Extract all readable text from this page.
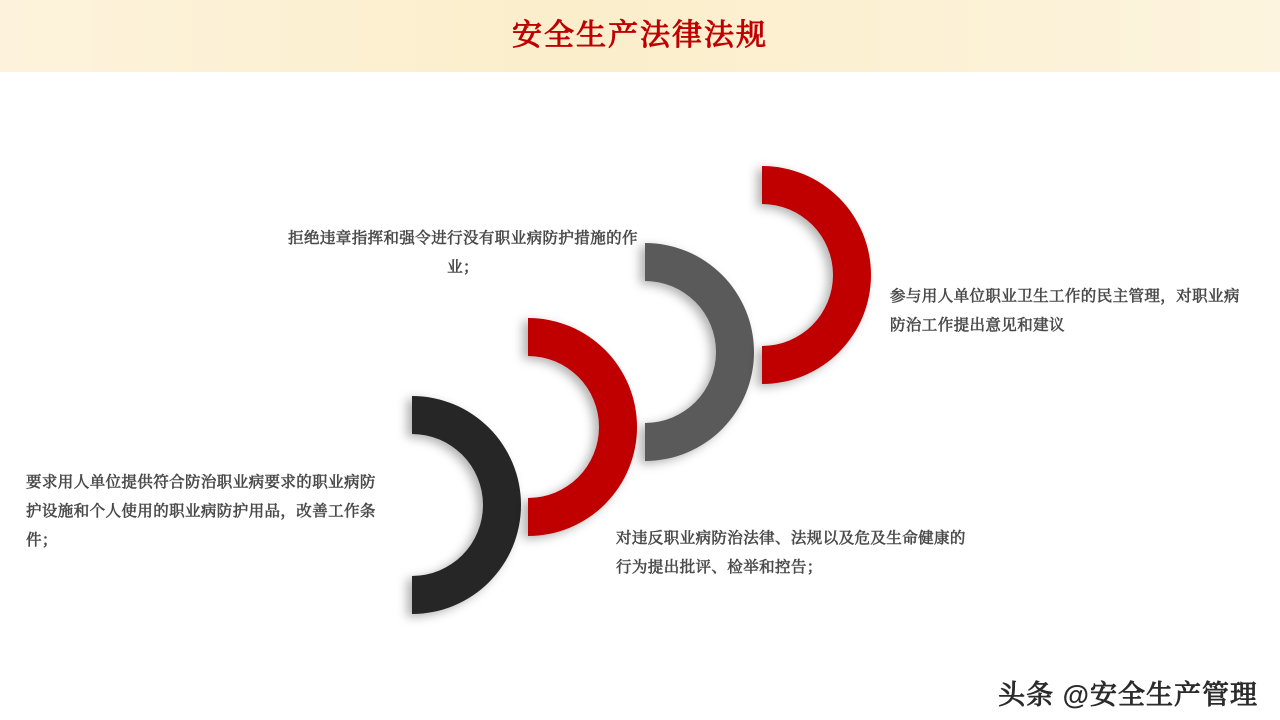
安全生产法律法规
04
05
06
07
要求用人单位提供符合防治职业病要求的职业病防护设施和个人使用的职业病防护用品，改善工作条件；
拒绝违章指挥和强令进行没有职业病防护措施的作业；
对违反职业病防治法律、法规以及危及生命健康的行为提出批评、检举和控告；
参与用人单位职业卫生工作的民主管理，对职业病防治工作提出意见和建议
头条 @安全生产管理
